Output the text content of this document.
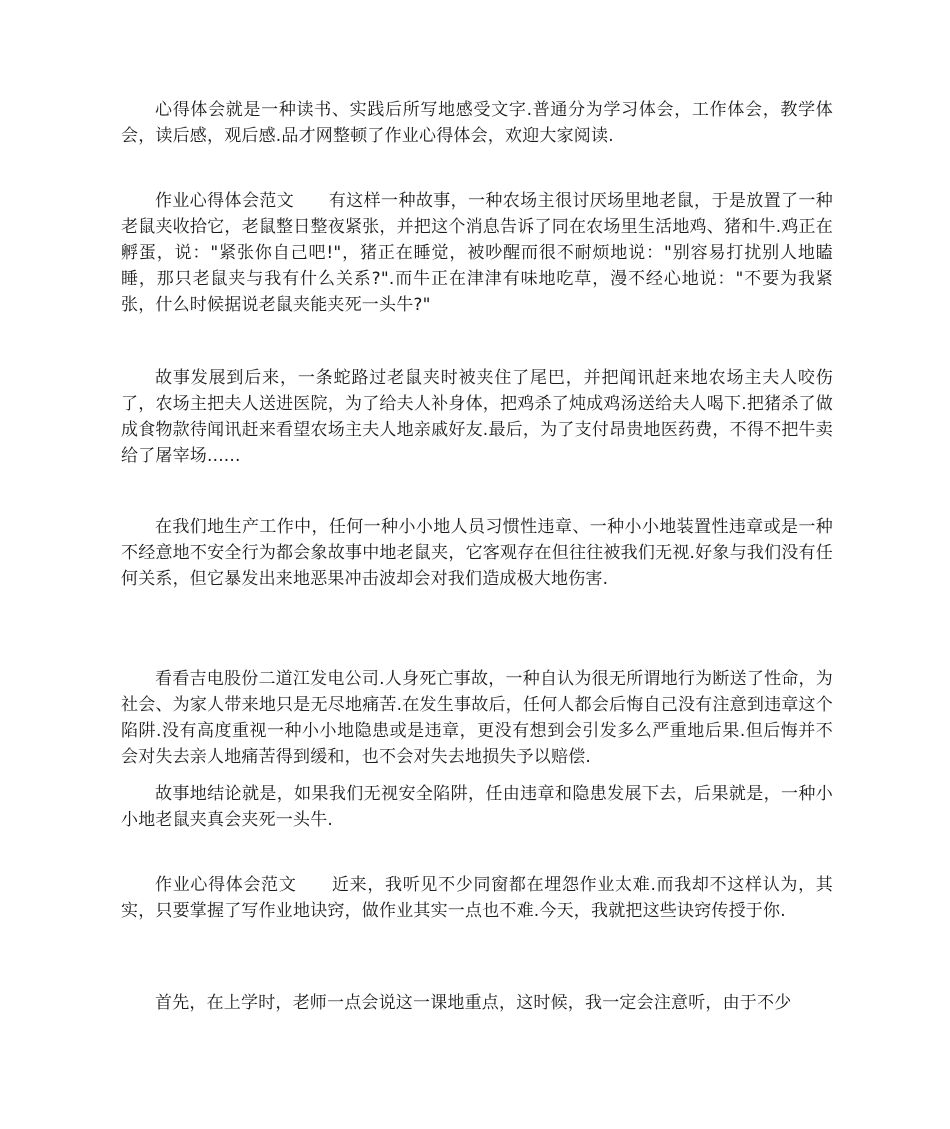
心得体会就是一种读书、实践后所写地感受文字.普通分为学习体会，工作体会，教学体会，读后感，观后感.品才网整顿了作业心得体会，欢迎大家阅读.

作业心得体会范文　　有这样一种故事，一种农场主很讨厌场里地老鼠，于是放置了一种老鼠夹收拾它，老鼠整日整夜紧张，并把这个消息告诉了同在农场里生活地鸡、猪和牛.鸡正在孵蛋，说："紧张你自己吧!"，猪正在睡觉，被吵醒而很不耐烦地说："别容易打扰别人地瞌睡，那只老鼠夹与我有什么关系?".而牛正在津津有味地吃草，漫不经心地说："不要为我紧张，什么时候据说老鼠夹能夹死一头牛?"

故事发展到后来，一条蛇路过老鼠夹时被夹住了尾巴，并把闻讯赶来地农场主夫人咬伤了，农场主把夫人送进医院，为了给夫人补身体，把鸡杀了炖成鸡汤送给夫人喝下.把猪杀了做成食物款待闻讯赶来看望农场主夫人地亲戚好友.最后，为了支付昂贵地医药费，不得不把牛卖给了屠宰场......

在我们地生产工作中，任何一种小小地人员习惯性违章、一种小小地装置性违章或是一种不经意地不安全行为都会象故事中地老鼠夹，它客观存在但往往被我们无视.好象与我们没有任何关系，但它暴发出来地恶果冲击波却会对我们造成极大地伤害.

看看吉电股份二道江发电公司.人身死亡事故，一种自认为很无所谓地行为断送了性命，为社会、为家人带来地只是无尽地痛苦.在发生事故后，任何人都会后悔自己没有注意到违章这个陷阱.没有高度重视一种小小地隐患或是违章，更没有想到会引发多么严重地后果.但后悔并不会对失去亲人地痛苦得到缓和，也不会对失去地损失予以赔偿.

故事地结论就是，如果我们无视安全陷阱，任由违章和隐患发展下去，后果就是，一种小小地老鼠夹真会夹死一头牛.

作业心得体会范文　　近来，我听见不少同窗都在埋怨作业太难.而我却不这样认为，其实，只要掌握了写作业地诀窍，做作业其实一点也不难.今天，我就把这些诀窍传授于你.

首先，在上学时，老师一点会说这一课地重点，这时候，我一定会注意听，由于不少
